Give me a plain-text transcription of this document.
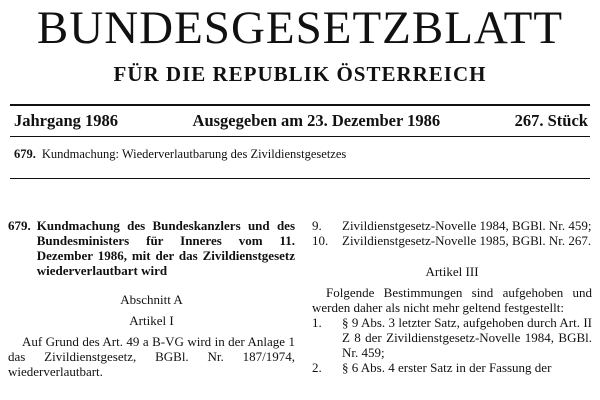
BUNDESGESETZBLATT
FÜR DIE REPUBLIK ÖSTERREICH
Jahrgang 1986	Ausgegeben am 23. Dezember 1986	267. Stück
679. Kundmachung: Wiederverlautbarung des Zivildienstgesetzes
679. Kundmachung des Bundeskanzlers und des Bundesministers für Inneres vom 11. Dezember 1986, mit der das Zivildienstgesetz wiederverlautbart wird
Abschnitt A
Artikel I
Auf Grund des Art. 49 a B-VG wird in der Anlage 1 das Zivildienstgesetz, BGBl. Nr. 187/1974, wiederverlautbart.
9.	Zivildienstgesetz-Novelle 1984, BGBl. Nr. 459;
10.	Zivildienstgesetz-Novelle 1985, BGBl. Nr. 267.
Artikel III
Folgende Bestimmungen sind aufgehoben und werden daher als nicht mehr geltend festgestellt:
1.	§ 9 Abs. 3 letzter Satz, aufgehoben durch Art. II Z 8 der Zivildienstgesetz-Novelle 1984, BGBl. Nr. 459;
2.	§ 6 Abs. 4 erster Satz in der Fassung der
